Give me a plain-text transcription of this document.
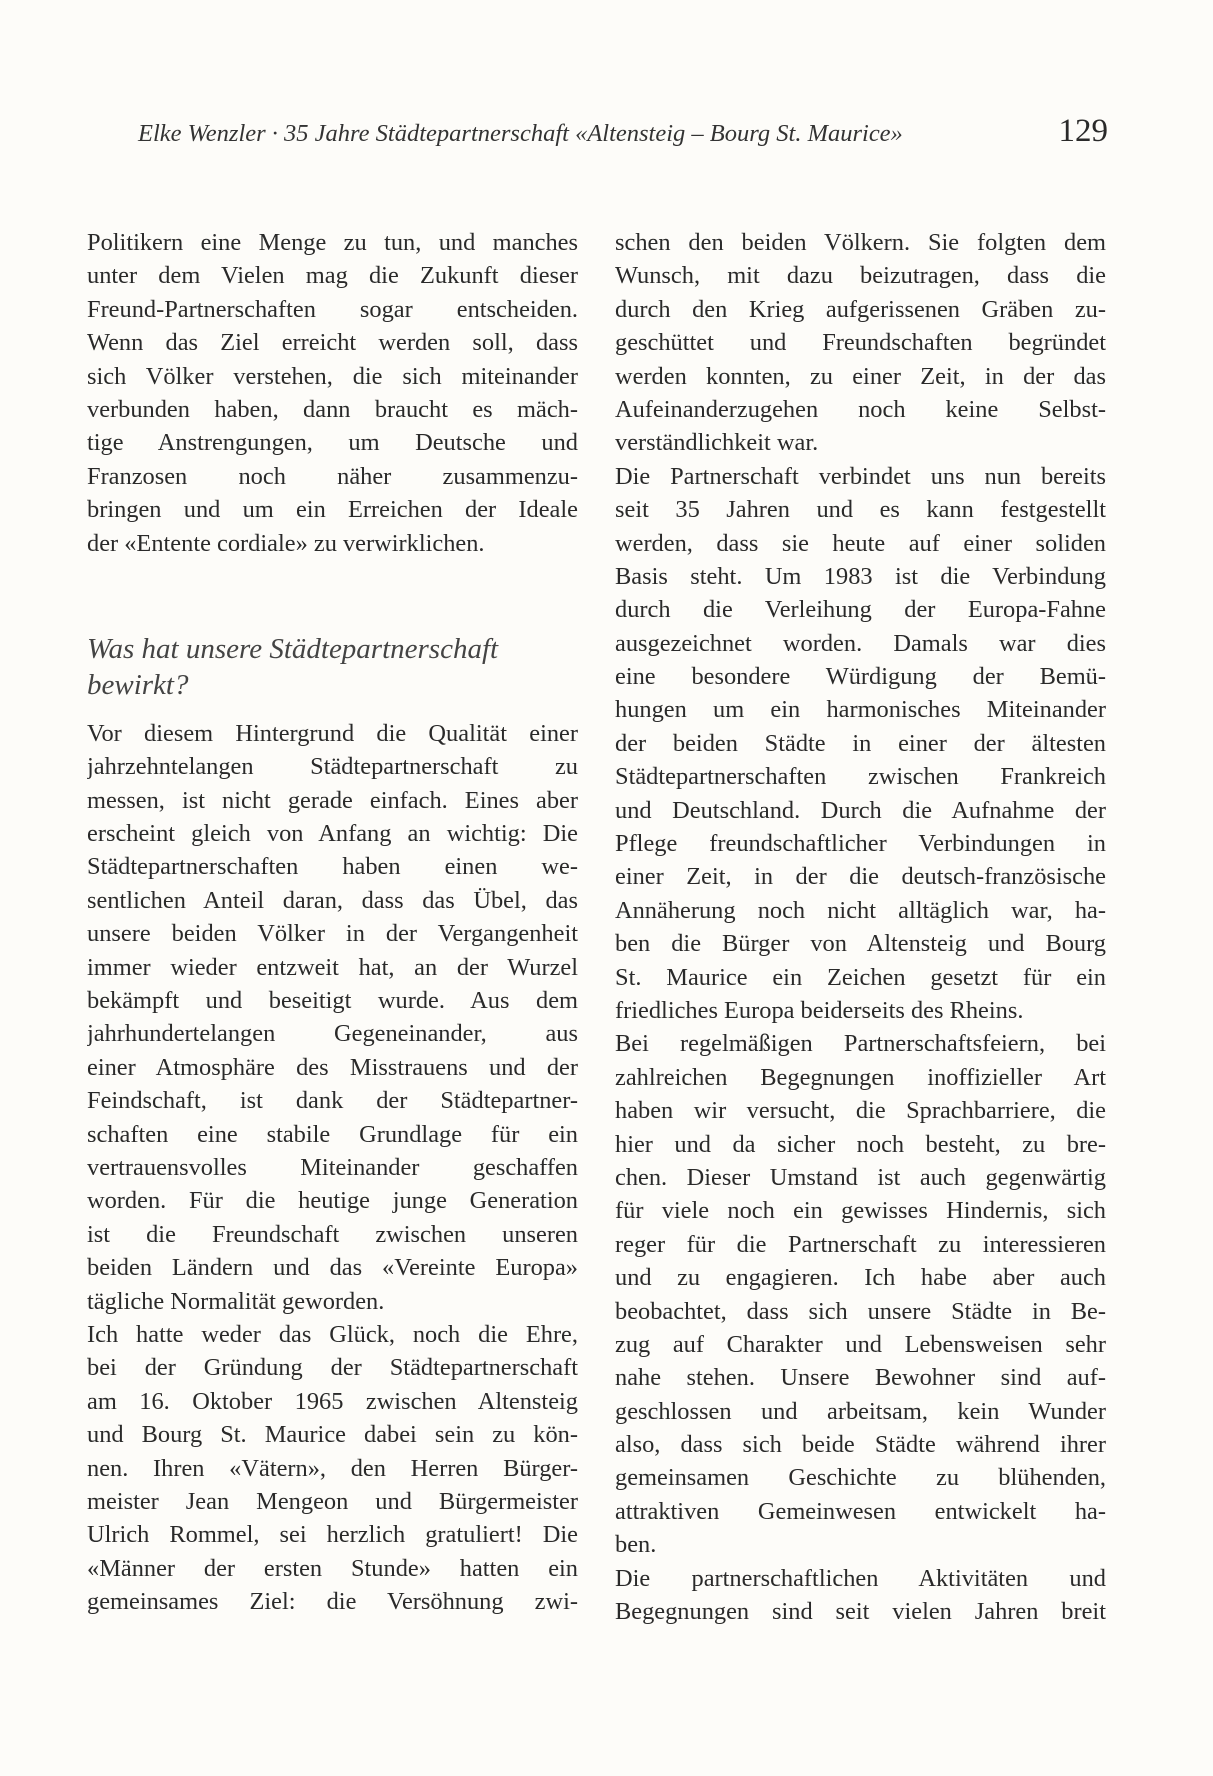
Elke Wenzler · 35 Jahre Städtepartnerschaft «Altensteig – Bourg St. Maurice»	129
Politikern eine Menge zu tun, und manches
unter dem Vielen mag die Zukunft dieser
Freund-Partnerschaften sogar entscheiden.
Wenn das Ziel erreicht werden soll, dass
sich Völker verstehen, die sich miteinander
verbunden haben, dann braucht es mäch-
tige Anstrengungen, um Deutsche und
Franzosen noch näher zusammenzu-
bringen und um ein Erreichen der Ideale
der «Entente cordiale» zu verwirklichen.
Was hat unsere Städtepartnerschaft
bewirkt?
Vor diesem Hintergrund die Qualität einer
jahrzehntelangen Städtepartnerschaft zu
messen, ist nicht gerade einfach. Eines aber
erscheint gleich von Anfang an wichtig: Die
Städtepartnerschaften haben einen we-
sentlichen Anteil daran, dass das Übel, das
unsere beiden Völker in der Vergangenheit
immer wieder entzweit hat, an der Wurzel
bekämpft und beseitigt wurde. Aus dem
jahrhundertelangen Gegeneinander, aus
einer Atmosphäre des Misstrauens und der
Feindschaft, ist dank der Städtepartner-
schaften eine stabile Grundlage für ein
vertrauensvolles Miteinander geschaffen
worden. Für die heutige junge Generation
ist die Freundschaft zwischen unseren
beiden Ländern und das «Vereinte Europa»
tägliche Normalität geworden.
Ich hatte weder das Glück, noch die Ehre,
bei der Gründung der Städtepartnerschaft
am 16. Oktober 1965 zwischen Altensteig
und Bourg St. Maurice dabei sein zu kön-
nen. Ihren «Vätern», den Herren Bürger-
meister Jean Mengeon und Bürgermeister
Ulrich Rommel, sei herzlich gratuliert! Die
«Männer der ersten Stunde» hatten ein
gemeinsames Ziel: die Versöhnung zwi-
schen den beiden Völkern. Sie folgten dem
Wunsch, mit dazu beizutragen, dass die
durch den Krieg aufgerissenen Gräben zu-
geschüttet und Freundschaften begründet
werden konnten, zu einer Zeit, in der das
Aufeinanderzugehen noch keine Selbst-
verständlichkeit war.
Die Partnerschaft verbindet uns nun bereits
seit 35 Jahren und es kann festgestellt
werden, dass sie heute auf einer soliden
Basis steht. Um 1983 ist die Verbindung
durch die Verleihung der Europa-Fahne
ausgezeichnet worden. Damals war dies
eine besondere Würdigung der Bemü-
hungen um ein harmonisches Miteinander
der beiden Städte in einer der ältesten
Städtepartnerschaften zwischen Frankreich
und Deutschland. Durch die Aufnahme der
Pflege freundschaftlicher Verbindungen in
einer Zeit, in der die deutsch-französische
Annäherung noch nicht alltäglich war, ha-
ben die Bürger von Altensteig und Bourg
St. Maurice ein Zeichen gesetzt für ein
friedliches Europa beiderseits des Rheins.
Bei regelmäßigen Partnerschaftsfeiern, bei
zahlreichen Begegnungen inoffizieller Art
haben wir versucht, die Sprachbarriere, die
hier und da sicher noch besteht, zu bre-
chen. Dieser Umstand ist auch gegenwärtig
für viele noch ein gewisses Hindernis, sich
reger für die Partnerschaft zu interessieren
und zu engagieren. Ich habe aber auch
beobachtet, dass sich unsere Städte in Be-
zug auf Charakter und Lebensweisen sehr
nahe stehen. Unsere Bewohner sind auf-
geschlossen und arbeitsam, kein Wunder
also, dass sich beide Städte während ihrer
gemeinsamen Geschichte zu blühenden,
attraktiven Gemeinwesen entwickelt ha-
ben.
Die partnerschaftlichen Aktivitäten und
Begegnungen sind seit vielen Jahren breit
